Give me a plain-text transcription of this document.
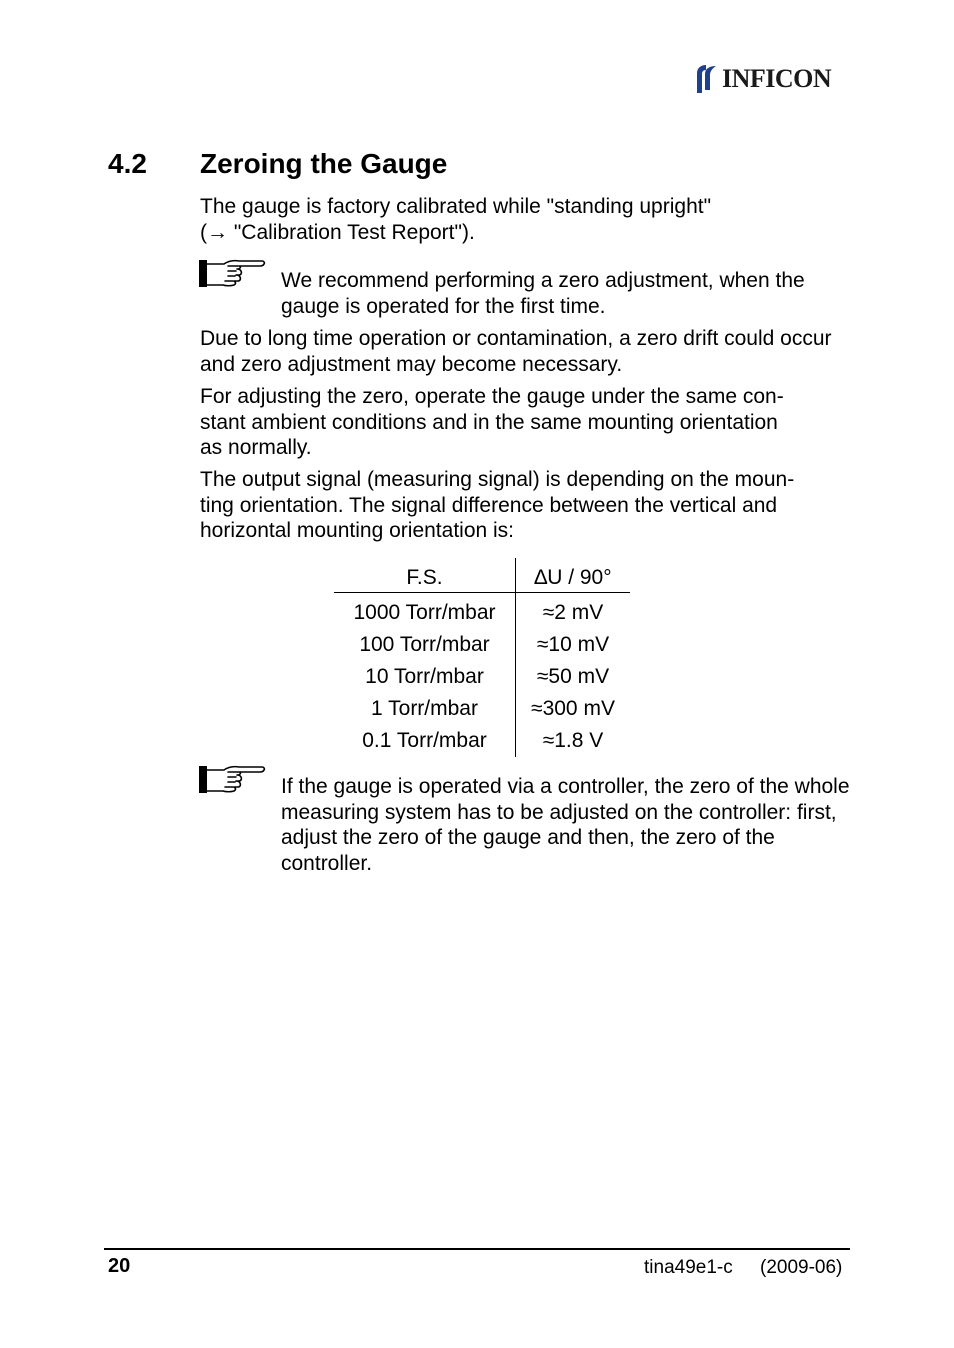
INFICON
4.2 Zeroing the Gauge
The gauge is factory calibrated while "standing upright"
(→ "Calibration Test Report").

We recommend performing a zero adjustment, when the gauge is operated for the first time.

Due to long time operation or contamination, a zero drift could occur and zero adjustment may become necessary.

For adjusting the zero, operate the gauge under the same con-
stant ambient conditions and in the same mounting orientation
as normally.
The output signal (measuring signal) is depending on the moun-
ting orientation. The signal difference between the vertical and
horizontal mounting orientation is:
F.S.	∆U / 90°
1000 Torr/mbar	≈2 mV
100 Torr/mbar	≈10 mV
10 Torr/mbar	≈50 mV
1 Torr/mbar	≈300 mV
0.1 Torr/mbar	≈1.8 V

If the gauge is operated via a controller, the zero of the whole measuring system has to be adjusted on the controller: first, adjust the zero of the gauge and then, the zero of the controller.

20	tina49e1-c (2009-06)
